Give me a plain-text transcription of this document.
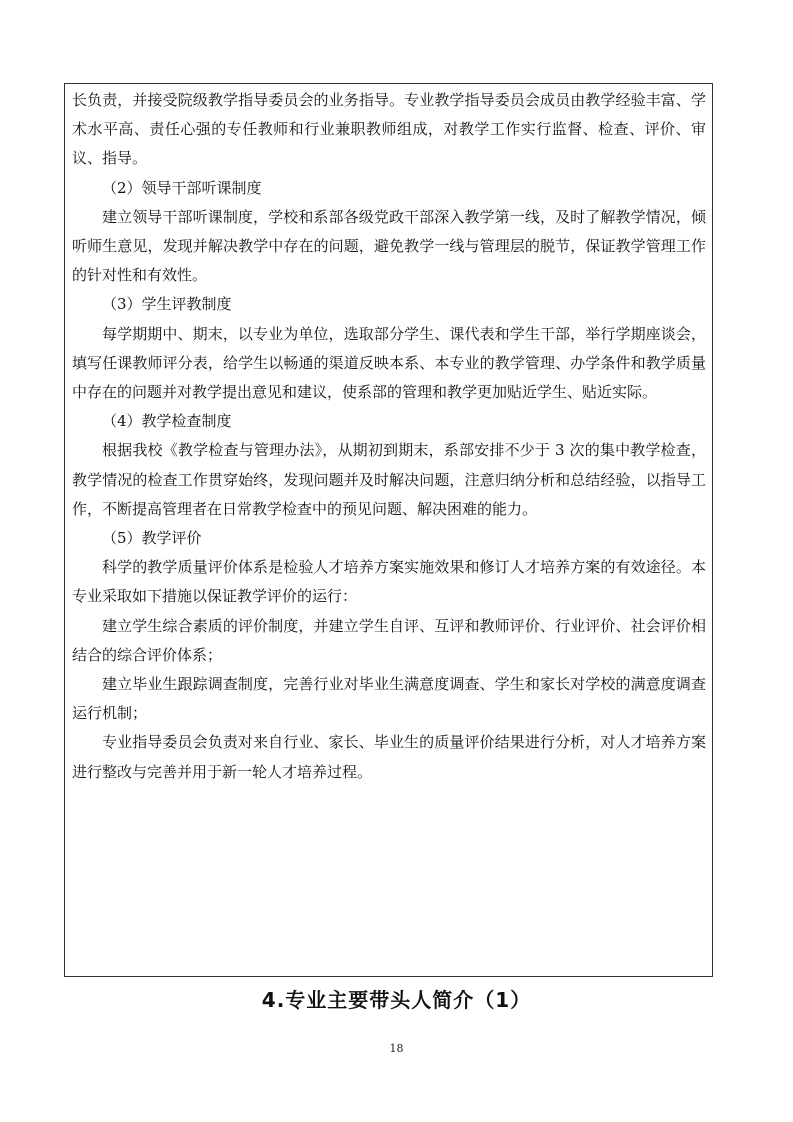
长负责，并接受院级教学指导委员会的业务指导。专业教学指导委员会成员由教学经验丰富、学术水平高、责任心强的专任教师和行业兼职教师组成，对教学工作实行监督、检查、评价、审议、指导。

（2）领导干部听课制度

建立领导干部听课制度，学校和系部各级党政干部深入教学第一线，及时了解教学情况，倾听师生意见，发现并解决教学中存在的问题，避免教学一线与管理层的脱节，保证教学管理工作的针对性和有效性。

（3）学生评教制度

每学期期中、期末，以专业为单位，选取部分学生、课代表和学生干部，举行学期座谈会，填写任课教师评分表，给学生以畅通的渠道反映本系、本专业的教学管理、办学条件和教学质量中存在的问题并对教学提出意见和建议，使系部的管理和教学更加贴近学生、贴近实际。

（4）教学检查制度

根据我校《教学检查与管理办法》，从期初到期末，系部安排不少于 3 次的集中教学检查，教学情况的检查工作贯穿始终，发现问题并及时解决问题，注意归纳分析和总结经验，以指导工作，不断提高管理者在日常教学检查中的预见问题、解决困难的能力。

（5）教学评价

科学的教学质量评价体系是检验人才培养方案实施效果和修订人才培养方案的有效途径。本专业采取如下措施以保证教学评价的运行：

建立学生综合素质的评价制度，并建立学生自评、互评和教师评价、行业评价、社会评价相结合的综合评价体系；

建立毕业生跟踪调查制度，完善行业对毕业生满意度调查、学生和家长对学校的满意度调查运行机制；

专业指导委员会负责对来自行业、家长、毕业生的质量评价结果进行分析，对人才培养方案进行整改与完善并用于新一轮人才培养过程。

4.专业主要带头人简介（1）
18
